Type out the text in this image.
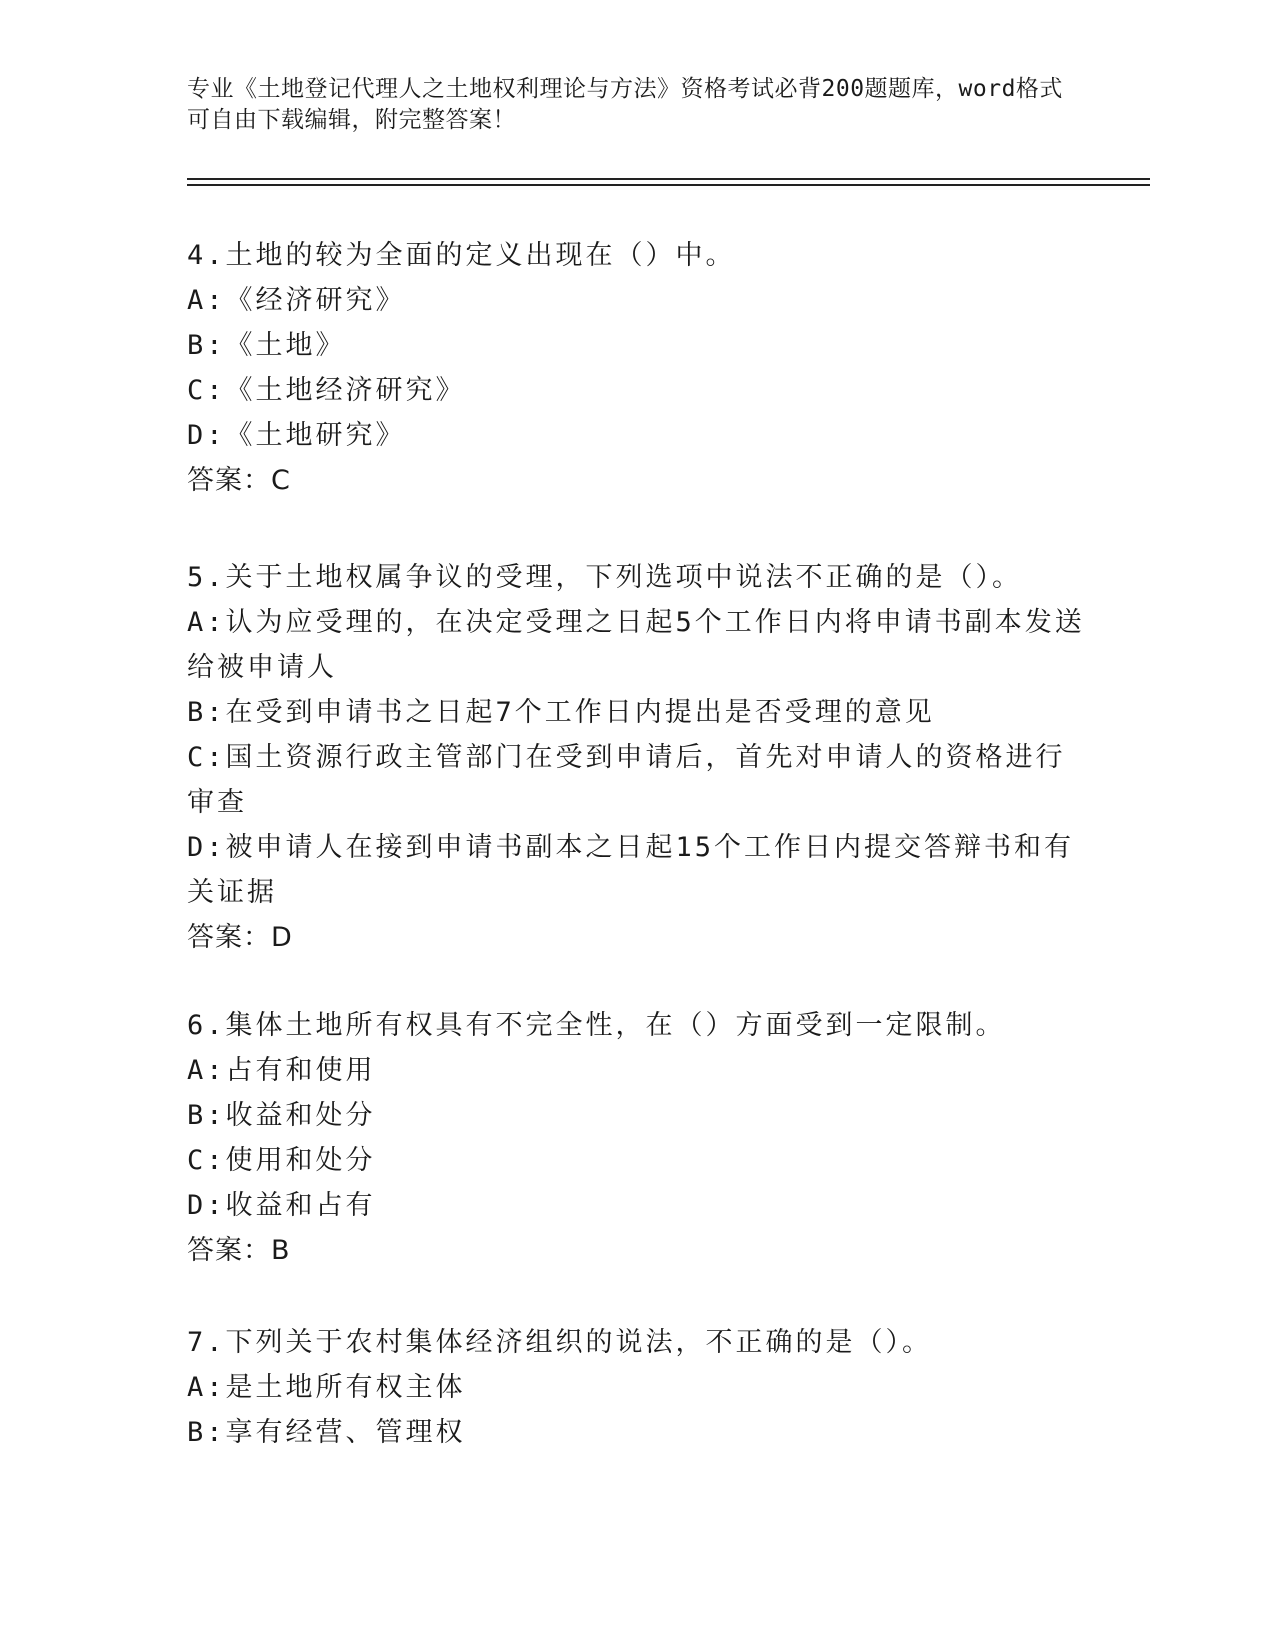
专业《土地登记代理人之土地权利理论与方法》资格考试必背200题题库，word格式可自由下载编辑，附完整答案！
4.土地的较为全面的定义出现在（）中。
A:《经济研究》
B:《土地》
C:《土地经济研究》
D:《土地研究》
答案：C
5.关于土地权属争议的受理，下列选项中说法不正确的是（）。
A:认为应受理的，在决定受理之日起5个工作日内将申请书副本发送给被申请人
B:在受到申请书之日起7个工作日内提出是否受理的意见
C:国土资源行政主管部门在受到申请后，首先对申请人的资格进行审查
D:被申请人在接到申请书副本之日起15个工作日内提交答辩书和有关证据
答案：D
6.集体土地所有权具有不完全性，在（）方面受到一定限制。
A:占有和使用
B:收益和处分
C:使用和处分
D:收益和占有
答案：B
7.下列关于农村集体经济组织的说法，不正确的是（）。
A:是土地所有权主体
B:享有经营、管理权
